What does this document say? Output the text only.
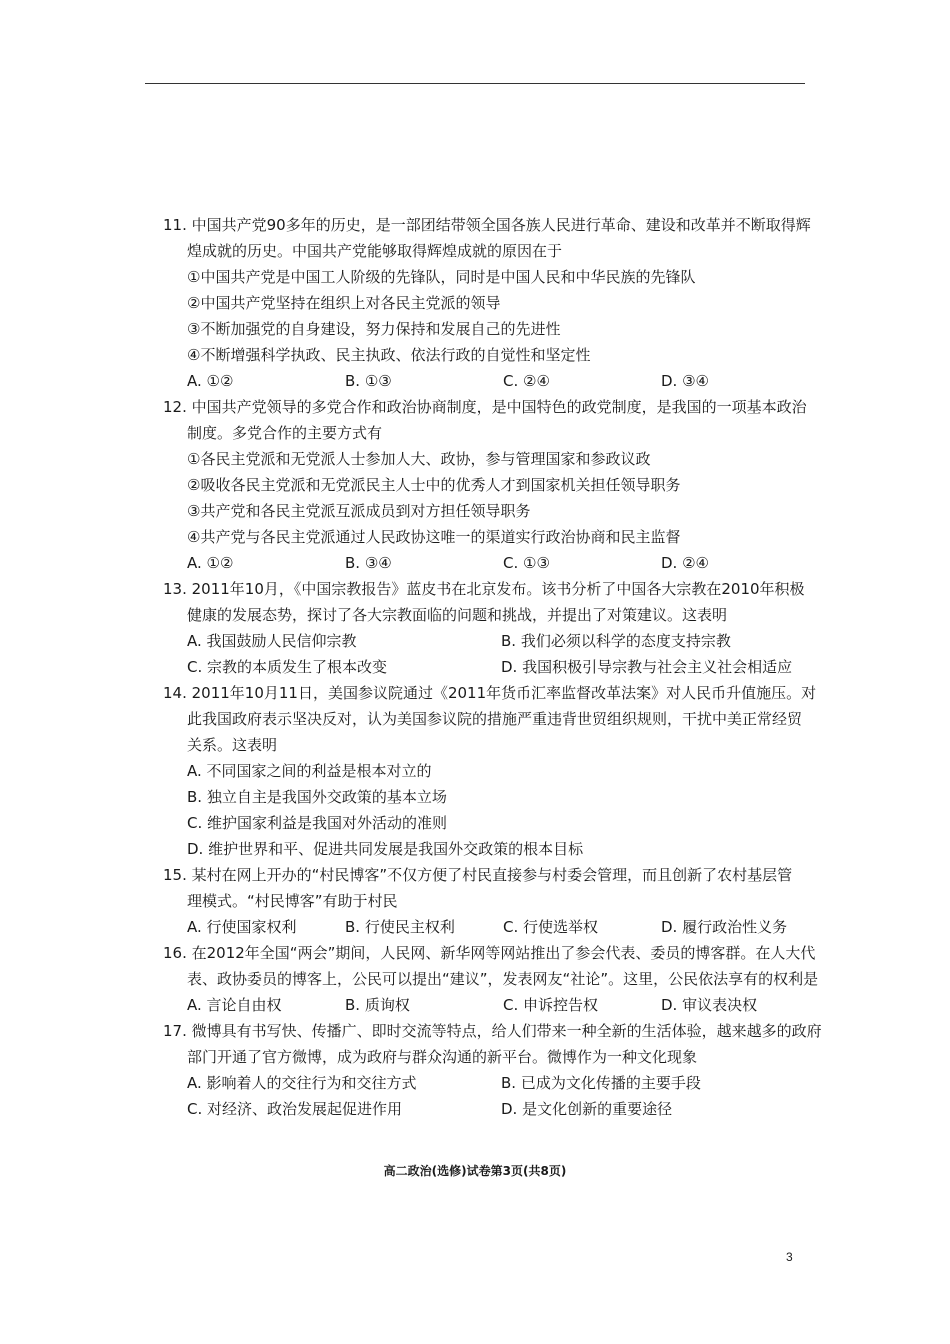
11. 中国共产党90多年的历史，是一部团结带领全国各族人民进行革命、建设和改革并不断取得辉
煌成就的历史。中国共产党能够取得辉煌成就的原因在于
①中国共产党是中国工人阶级的先锋队，同时是中国人民和中华民族的先锋队
②中国共产党坚持在组织上对各民主党派的领导
③不断加强党的自身建设，努力保持和发展自己的先进性
④不断增强科学执政、民主执政、依法行政的自觉性和坚定性
A. ①②	B. ①③	C. ②④	D. ③④
12. 中国共产党领导的多党合作和政治协商制度，是中国特色的政党制度，是我国的一项基本政治
制度。多党合作的主要方式有
①各民主党派和无党派人士参加人大、政协，参与管理国家和参政议政
②吸收各民主党派和无党派民主人士中的优秀人才到国家机关担任领导职务
③共产党和各民主党派互派成员到对方担任领导职务
④共产党与各民主党派通过人民政协这唯一的渠道实行政治协商和民主监督
A. ①②	B. ③④	C. ①③	D. ②④
13. 2011年10月，《中国宗教报告》蓝皮书在北京发布。该书分析了中国各大宗教在2010年积极
健康的发展态势，探讨了各大宗教面临的问题和挑战，并提出了对策建议。这表明
A. 我国鼓励人民信仰宗教	B. 我们必须以科学的态度支持宗教
C. 宗教的本质发生了根本改变	D. 我国积极引导宗教与社会主义社会相适应
14. 2011年10月11日，美国参议院通过《2011年货币汇率监督改革法案》对人民币升值施压。对
此我国政府表示坚决反对，认为美国参议院的措施严重违背世贸组织规则，干扰中美正常经贸
关系。这表明
A. 不同国家之间的利益是根本对立的
B. 独立自主是我国外交政策的基本立场
C. 维护国家利益是我国对外活动的准则
D. 维护世界和平、促进共同发展是我国外交政策的根本目标
15. 某村在网上开办的“村民博客”不仅方便了村民直接参与村委会管理，而且创新了农村基层管
理模式。“村民博客”有助于村民
A. 行使国家权利	B. 行使民主权利	C. 行使选举权	D. 履行政治性义务
16. 在2012年全国“两会”期间，人民网、新华网等网站推出了参会代表、委员的博客群。在人大代
表、政协委员的博客上，公民可以提出“建议”，发表网友“社论”。这里，公民依法享有的权利是
A. 言论自由权	B. 质询权	C. 申诉控告权	D. 审议表决权
17. 微博具有书写快、传播广、即时交流等特点，给人们带来一种全新的生活体验，越来越多的政府
部门开通了官方微博，成为政府与群众沟通的新平台。微博作为一种文化现象
A. 影响着人的交往行为和交往方式	B. 已成为文化传播的主要手段
C. 对经济、政治发展起促进作用	D. 是文化创新的重要途径
高二政治(选修)试卷第3页(共8页)
3
